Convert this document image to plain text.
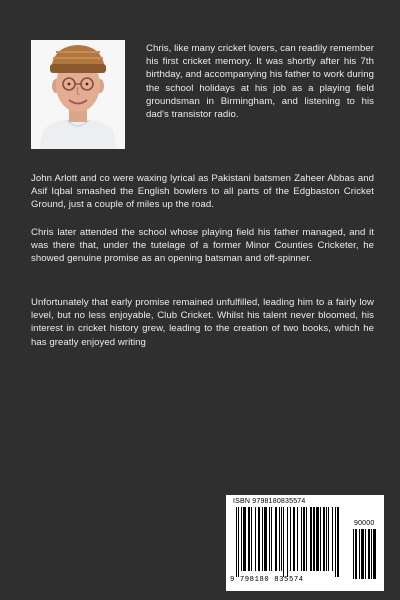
Chris, like many cricket lovers, can readily remember his first cricket memory. It was shortly after his 7th birthday, and accompanying his father to work during the school holidays at his job as a playing field groundsman in Birmingham, and listening to his dad's transistor radio.

John Arlott and co were waxing lyrical as Pakistani batsmen Zaheer Abbas and Asif Iqbal smashed the English bowlers to all parts of the Edgbaston Cricket Ground, just a couple of miles up the road.

Chris later attended the school whose playing field his father managed, and it was there that, under the tutelage of a former Minor Counties Cricketer, he showed genuine promise as an opening batsman and off-spinner.

Unfortunately that early promise remained unfulfilled, leading him to a fairly low level, but no less enjoyable, Club Cricket. Whilst his talent never bloomed, his interest in cricket history grew, leading to the creation of two books, which he has greatly enjoyed writing

ISBN 9798180835574
90000
9 798180 835574
